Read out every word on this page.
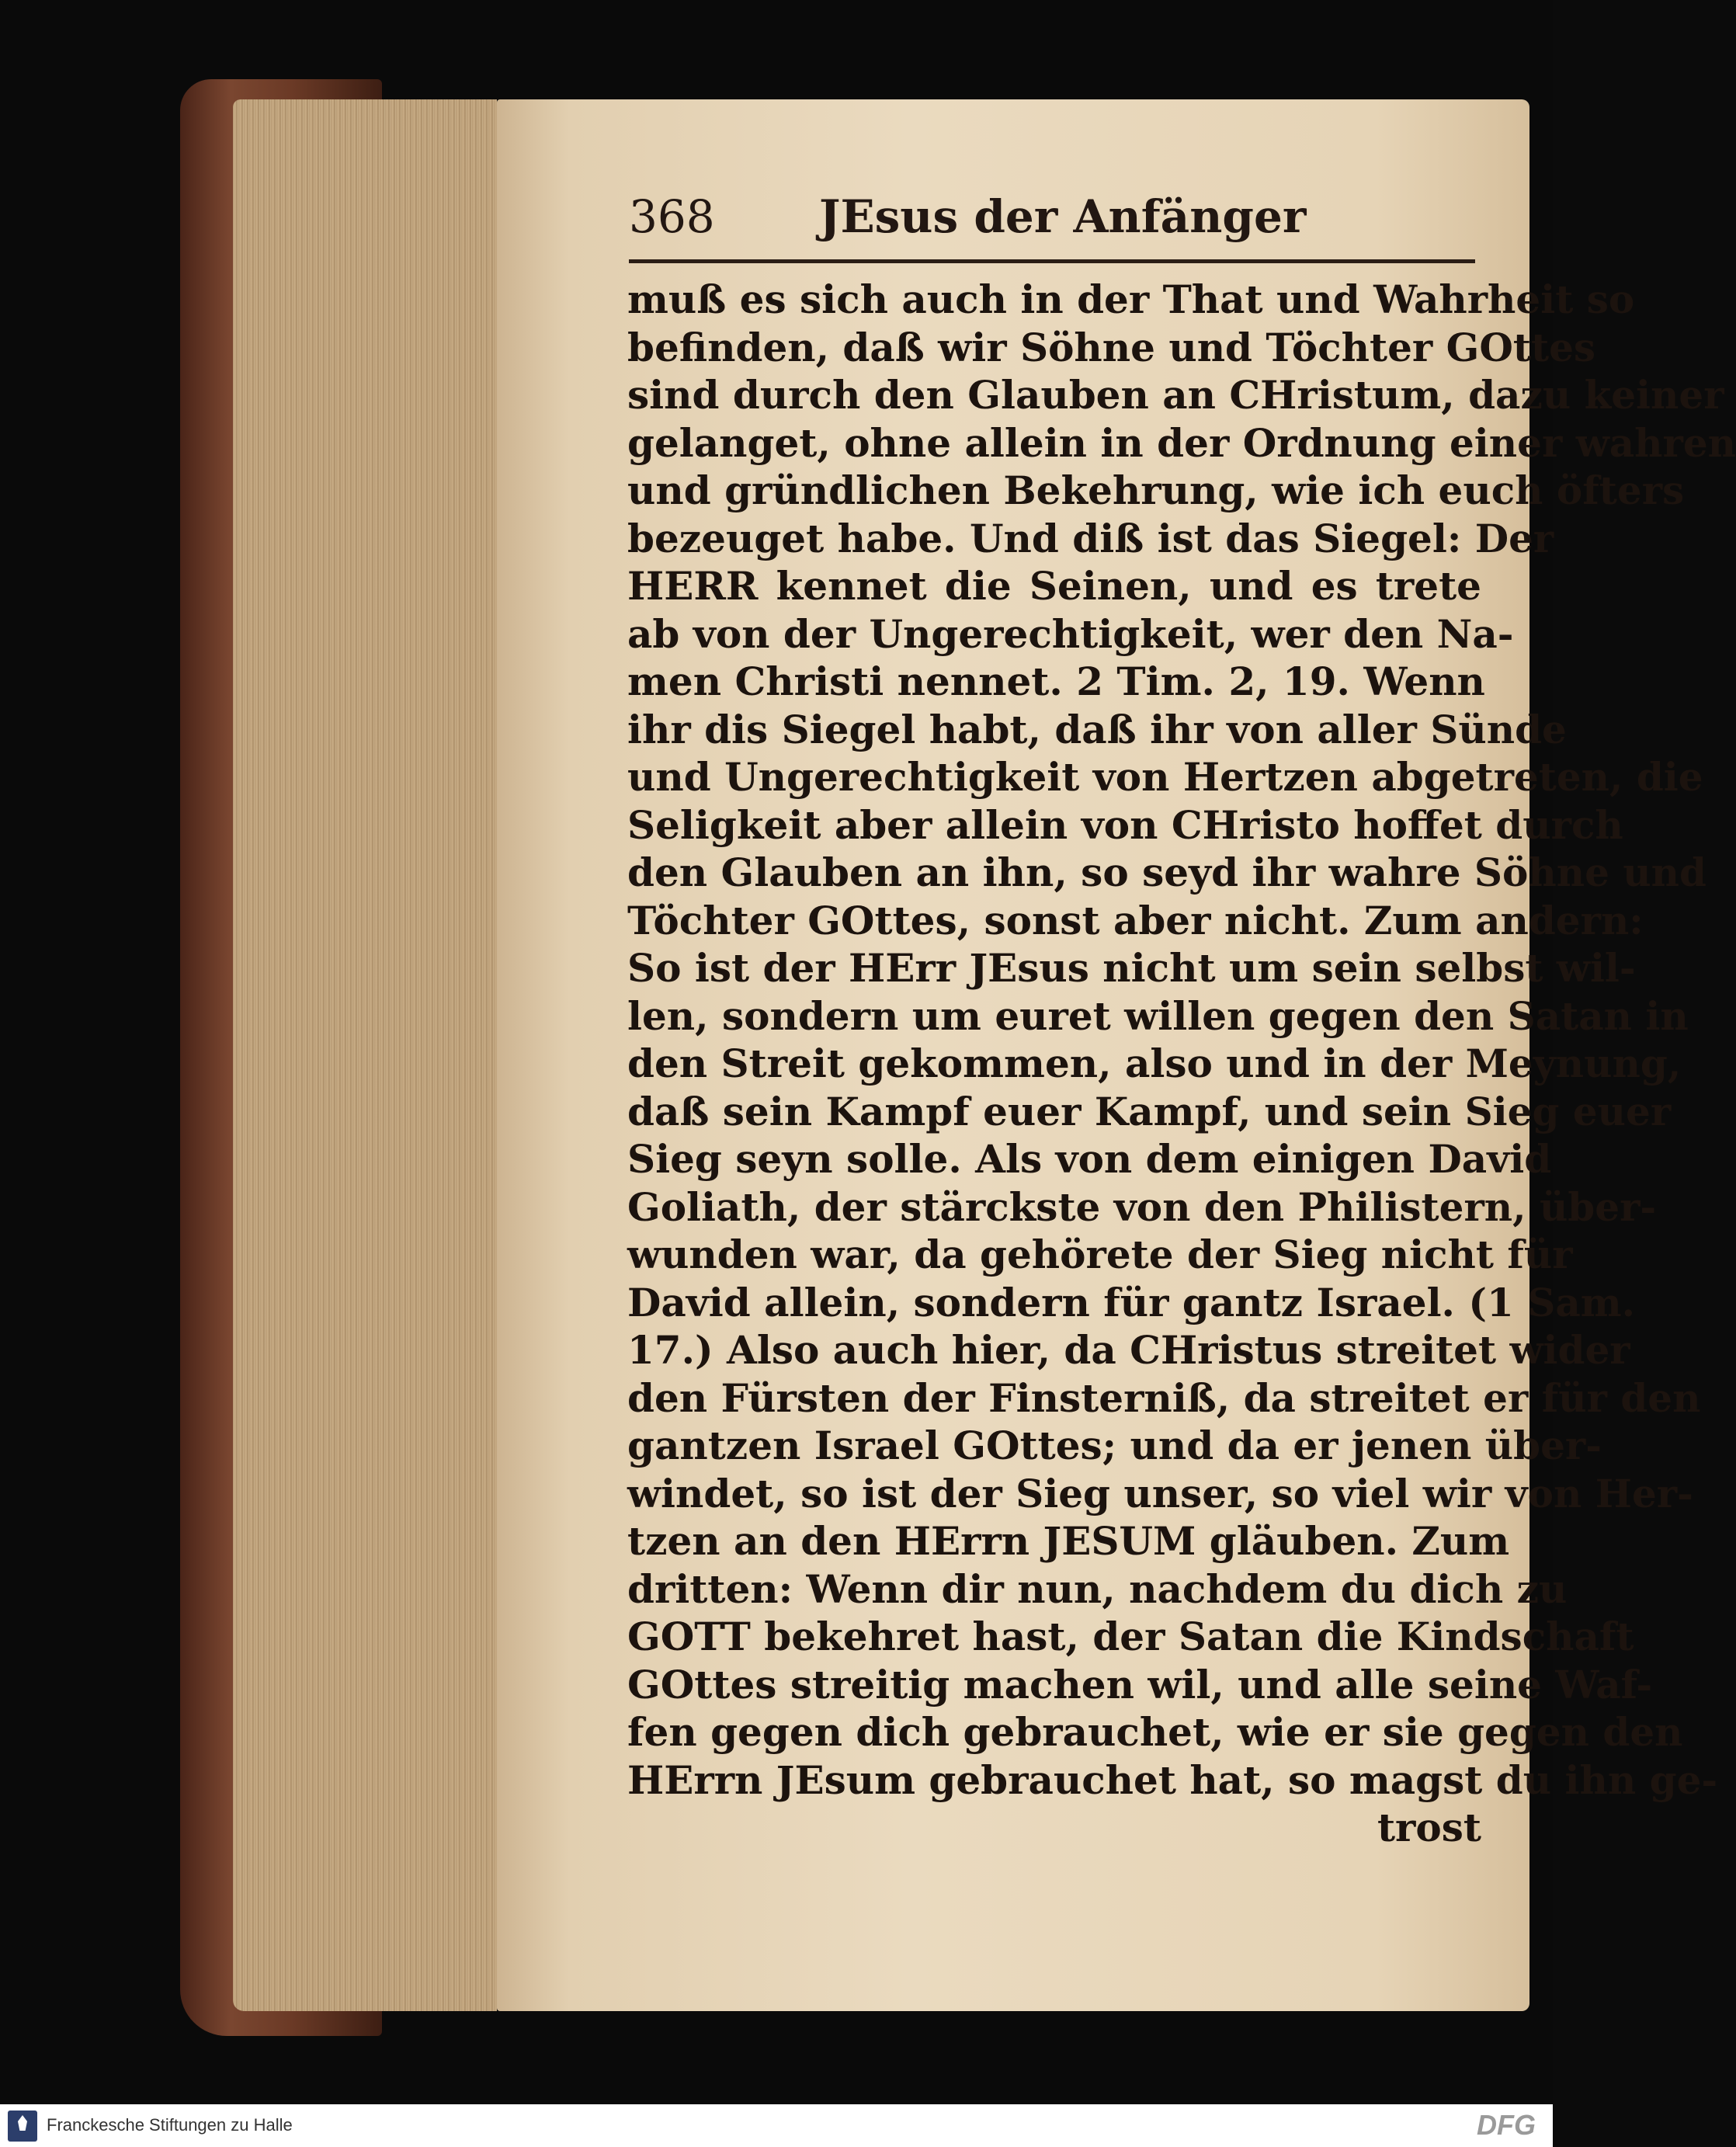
368 JEsus der Anfänger
muß es sich auch in der That und Wahrheit so
befinden, daß wir Söhne und Töchter GOttes
sind durch den Glauben an CHristum, dazu keiner
gelanget, ohne allein in der Ordnung einer wahren
und gründlichen Bekehrung, wie ich euch öfters
bezeuget habe. Und diß ist das Siegel: Der
HERR kennet die Seinen, und es trete
ab von der Ungerechtigkeit, wer den Na-
men Christi nennet. 2 Tim. 2, 19. Wenn
ihr dis Siegel habt, daß ihr von aller Sünde
und Ungerechtigkeit von Hertzen abgetreten, die
Seligkeit aber allein von CHristo hoffet durch
den Glauben an ihn, so seyd ihr wahre Söhne und
Töchter GOttes, sonst aber nicht. Zum andern:
So ist der HErr JEsus nicht um sein selbst wil-
len, sondern um euret willen gegen den Satan in
den Streit gekommen, also und in der Meynung,
daß sein Kampf euer Kampf, und sein Sieg euer
Sieg seyn solle. Als von dem einigen David
Goliath, der stärckste von den Philistern, über-
wunden war, da gehörete der Sieg nicht für
David allein, sondern für gantz Israel. (1 Sam.
17.) Also auch hier, da CHristus streitet wider
den Fürsten der Finsterniß, da streitet er für den
gantzen Israel GOttes; und da er jenen über-
windet, so ist der Sieg unser, so viel wir von Her-
tzen an den HErrn JESUM gläuben. Zum
dritten: Wenn dir nun, nachdem du dich zu
GOTT bekehret hast, der Satan die Kindschaft
GOttes streitig machen wil, und alle seine Waf-
fen gegen dich gebrauchet, wie er sie gegen den
HErrn JEsum gebrauchet hat, so magst du ihn ge-
trost
Franckesche Stiftungen zu Halle	DFG
